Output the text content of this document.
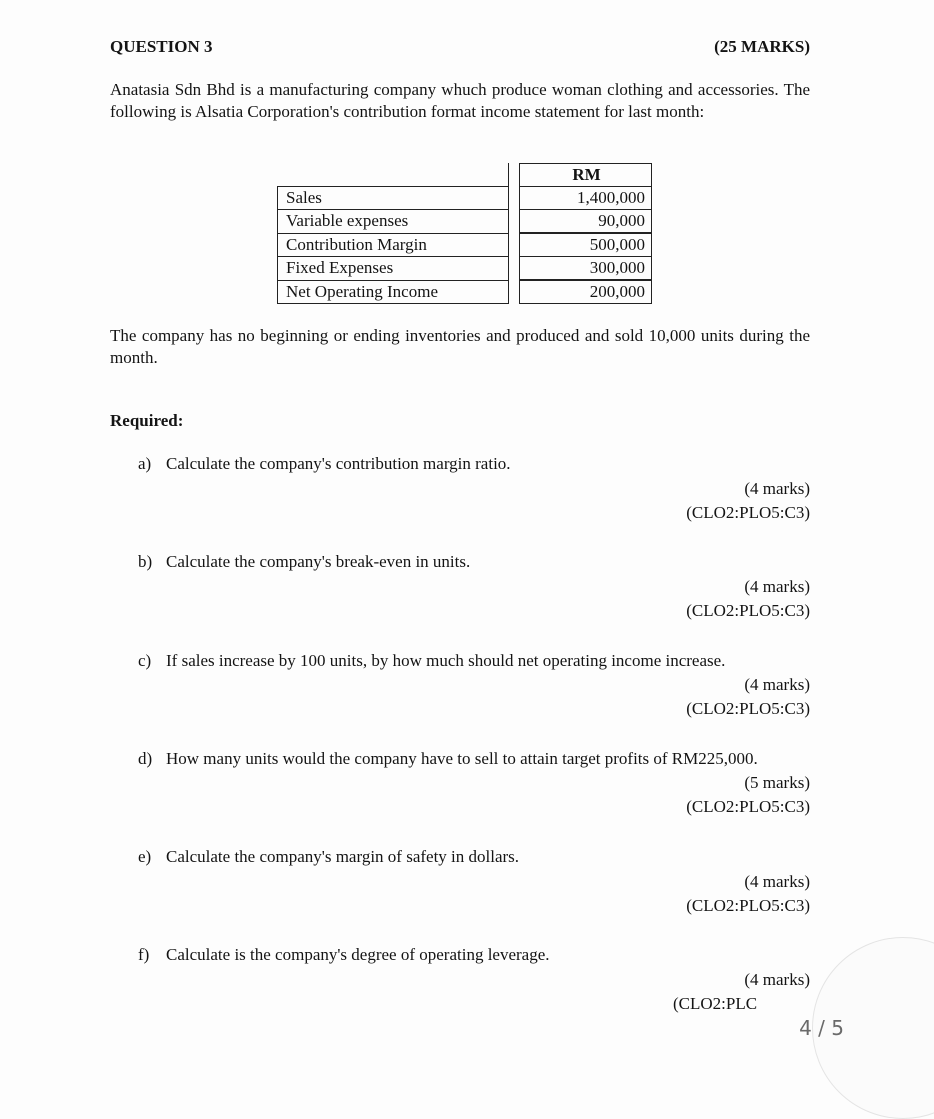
QUESTION 3	(25 MARKS)
Anatasia Sdn Bhd is a manufacturing company whuch produce woman clothing and accessories. The following is Alsatia Corporation's contribution format income statement for last month:
		RM
Sales		1,400,000
Variable expenses		90,000
Contribution Margin		500,000
Fixed Expenses		300,000
Net Operating Income		200,000
The company has no beginning or ending inventories and produced and sold 10,000 units during the month.
Required:
a) Calculate the company's contribution margin ratio.
(4 marks)
(CLO2:PLO5:C3)
b) Calculate the company's break-even in units.
(4 marks)
(CLO2:PLO5:C3)
c) If sales increase by 100 units, by how much should net operating income increase.
(4 marks)
(CLO2:PLO5:C3)
d) How many units would the company have to sell to attain target profits of RM225,000.
(5 marks)
(CLO2:PLO5:C3)
e) Calculate the company's margin of safety in dollars.
(4 marks)
(CLO2:PLO5:C3)
f) Calculate is the company's degree of operating leverage.
(4 marks)
(CLO2:PLC
4 / 5
